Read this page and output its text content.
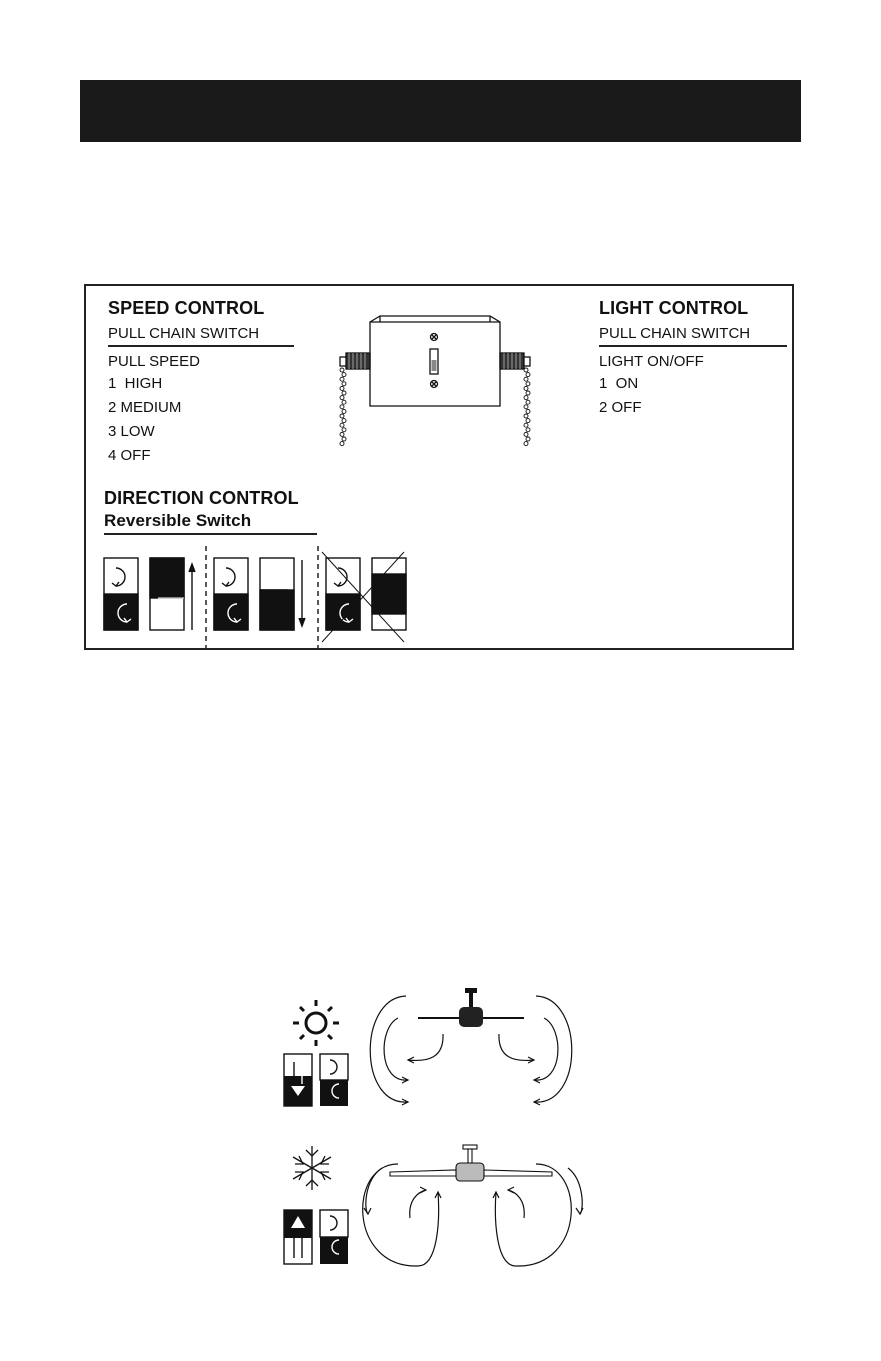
SPEED CONTROL
PULL CHAIN SWITCH
PULL SPEED
1  HIGH
2 MEDIUM
3 LOW
4 OFF
LIGHT CONTROL
PULL CHAIN SWITCH
LIGHT ON/OFF
1  ON
2 OFF
DIRECTION CONTROL
Reversible Switch
